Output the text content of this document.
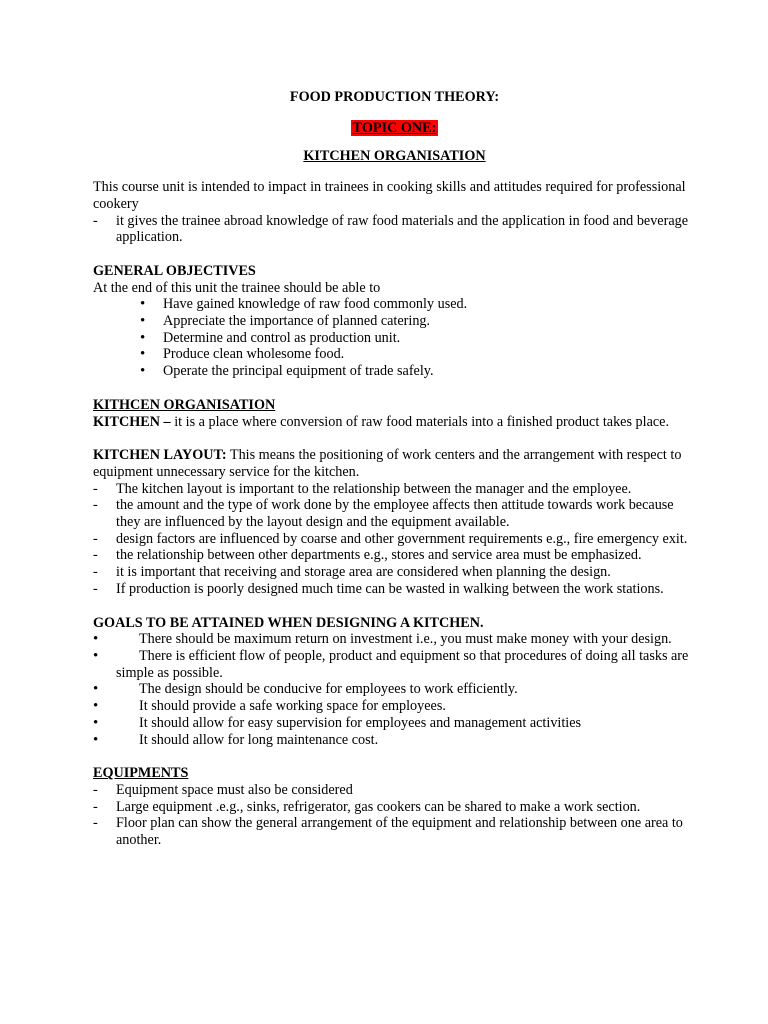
FOOD PRODUCTION THEORY:
TOPIC ONE:
KITCHEN ORGANISATION

This course unit is intended to impact in trainees in cooking skills and attitudes required for professional cookery

- it gives the trainee abroad knowledge of raw food materials and the application in food and beverage application.

GENERAL OBJECTIVES

At the end of this unit the trainee should be able to

• Have gained knowledge of raw food commonly used.

• Appreciate the importance of planned catering.

• Determine and control as production unit.

• Produce clean wholesome food.

• Operate the principal equipment of trade safely.

KITHCEN ORGANISATION

KITCHEN – it is a place where conversion of raw food materials into a finished product takes place.

KITCHEN LAYOUT: This means the positioning of work centers and the arrangement with respect to equipment unnecessary service for the kitchen.

- The kitchen layout is important to the relationship between the manager and the employee.

- the amount and the type of work done by the employee affects then attitude towards work because they are influenced by the layout design and the equipment available.

- design factors are influenced by coarse and other government requirements e.g., fire emergency exit.

- the relationship between other departments e.g., stores and service area must be emphasized.

- it is important that receiving and storage area are considered when planning the design.

- If production is poorly designed much time can be wasted in walking between the work stations.

GOALS TO BE ATTAINED WHEN DESIGNING A KITCHEN.

• There should be maximum return on investment i.e., you must make money with your design.

• There is efficient flow of people, product and equipment so that procedures of doing all tasks are simple as possible.

• The design should be conducive for employees to work efficiently.

• It should provide a safe working space for employees.

• It should allow for easy supervision for employees and management activities

• It should allow for long maintenance cost.

EQUIPMENTS

- Equipment space must also be considered

- Large equipment .e.g., sinks, refrigerator, gas cookers can be shared to make a work section.

- Floor plan can show the general arrangement of the equipment and relationship between one area to another.
